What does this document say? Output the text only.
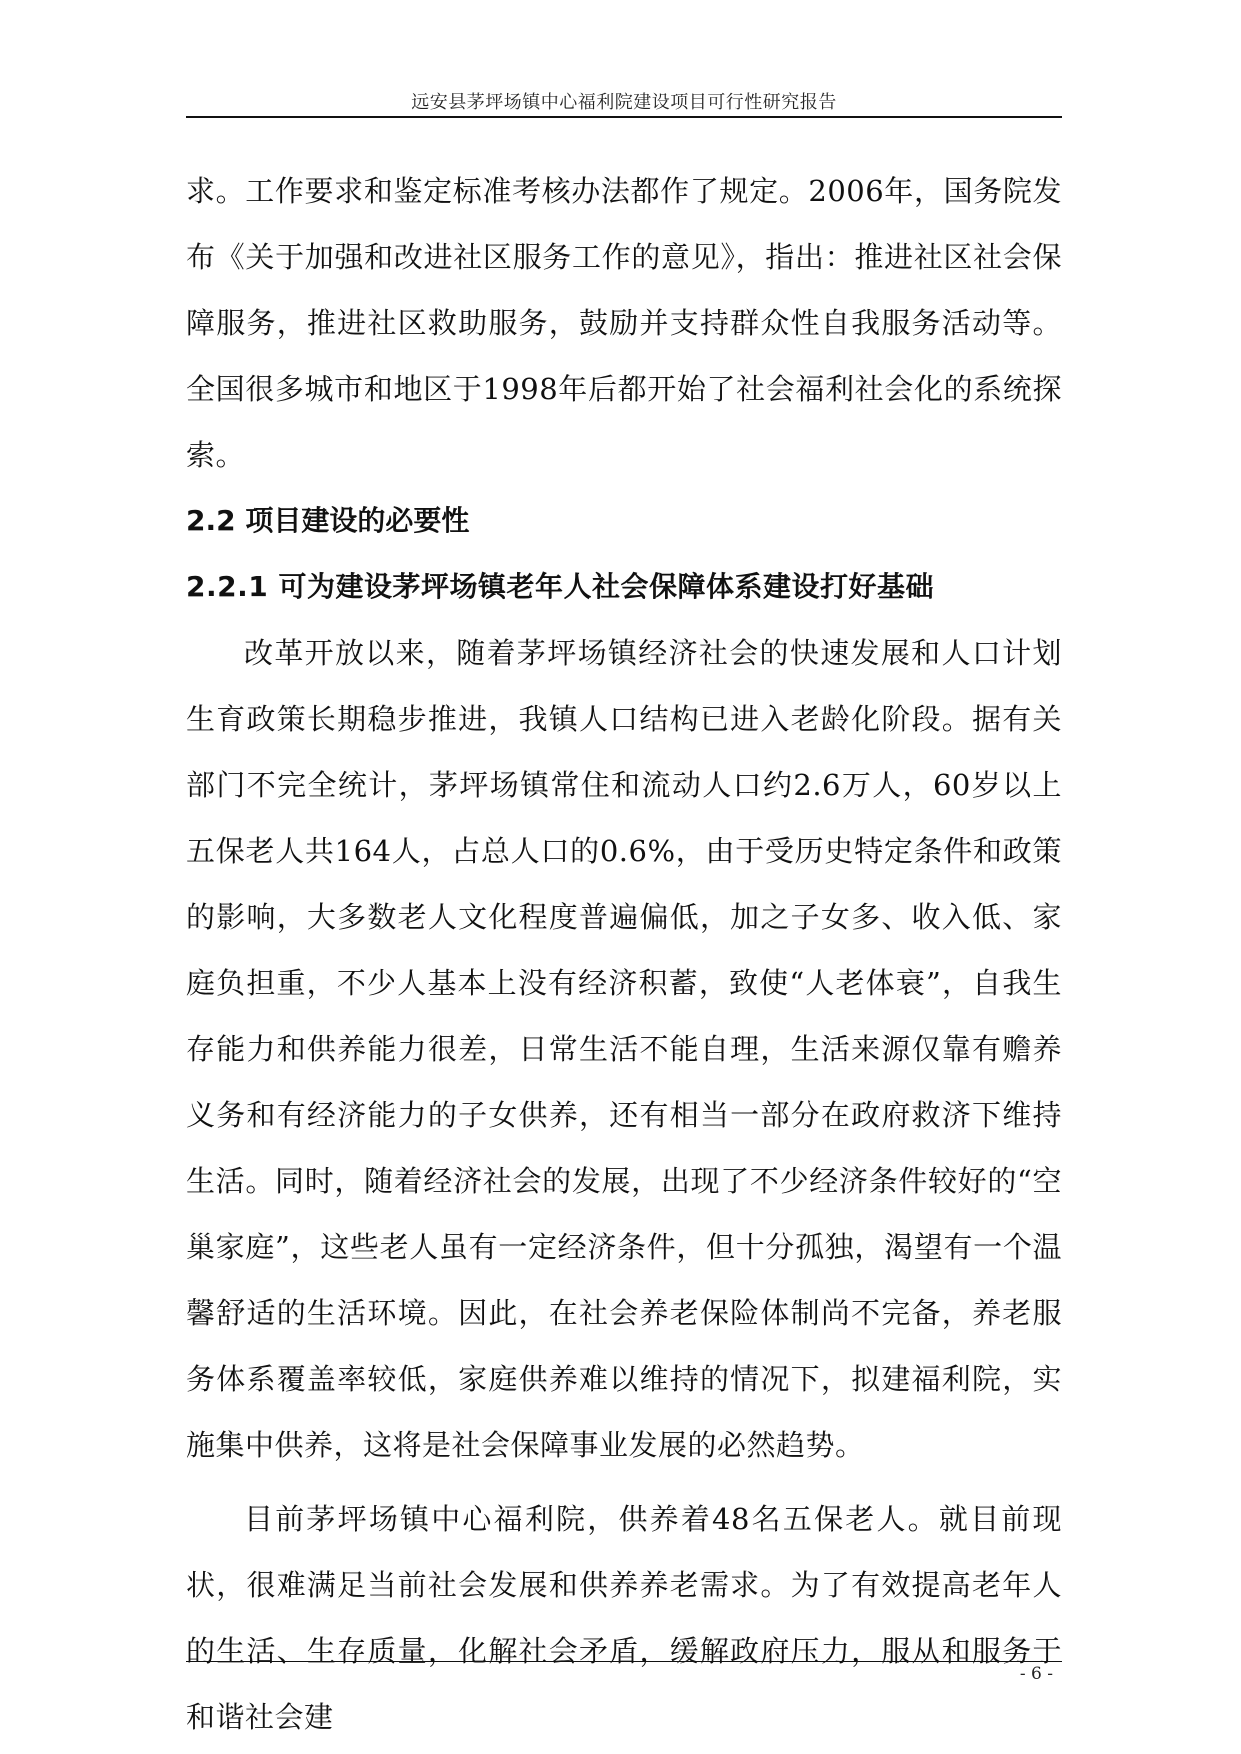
远安县茅坪场镇中心福利院建设项目可行性研究报告

求。工作要求和鉴定标准考核办法都作了规定。2006年，国务院发布《关于加强和改进社区服务工作的意见》，指出：推进社区社会保障服务，推进社区救助服务，鼓励并支持群众性自我服务活动等。全国很多城市和地区于1998年后都开始了社会福利社会化的系统探索。

2.2 项目建设的必要性
2.2.1 可为建设茅坪场镇老年人社会保障体系建设打好基础

改革开放以来，随着茅坪场镇经济社会的快速发展和人口计划生育政策长期稳步推进，我镇人口结构已进入老龄化阶段。据有关部门不完全统计，茅坪场镇常住和流动人口约2.6万人，60岁以上五保老人共164人，占总人口的0.6%，由于受历史特定条件和政策的影响，大多数老人文化程度普遍偏低，加之子女多、收入低、家庭负担重，不少人基本上没有经济积蓄，致使“人老体衰”，自我生存能力和供养能力很差，日常生活不能自理，生活来源仅靠有赡养义务和有经济能力的子女供养，还有相当一部分在政府救济下维持生活。同时，随着经济社会的发展，出现了不少经济条件较好的“空巢家庭”，这些老人虽有一定经济条件，但十分孤独，渴望有一个温馨舒适的生活环境。因此，在社会养老保险体制尚不完备，养老服务体系覆盖率较低，家庭供养难以维持的情况下，拟建福利院，实施集中供养，这将是社会保障事业发展的必然趋势。

目前茅坪场镇中心福利院，供养着48名五保老人。就目前现状，很难满足当前社会发展和供养养老需求。为了有效提高老年人的生活、生存质量，化解社会矛盾，缓解政府压力，服从和服务于和谐社会建

- 6 -
